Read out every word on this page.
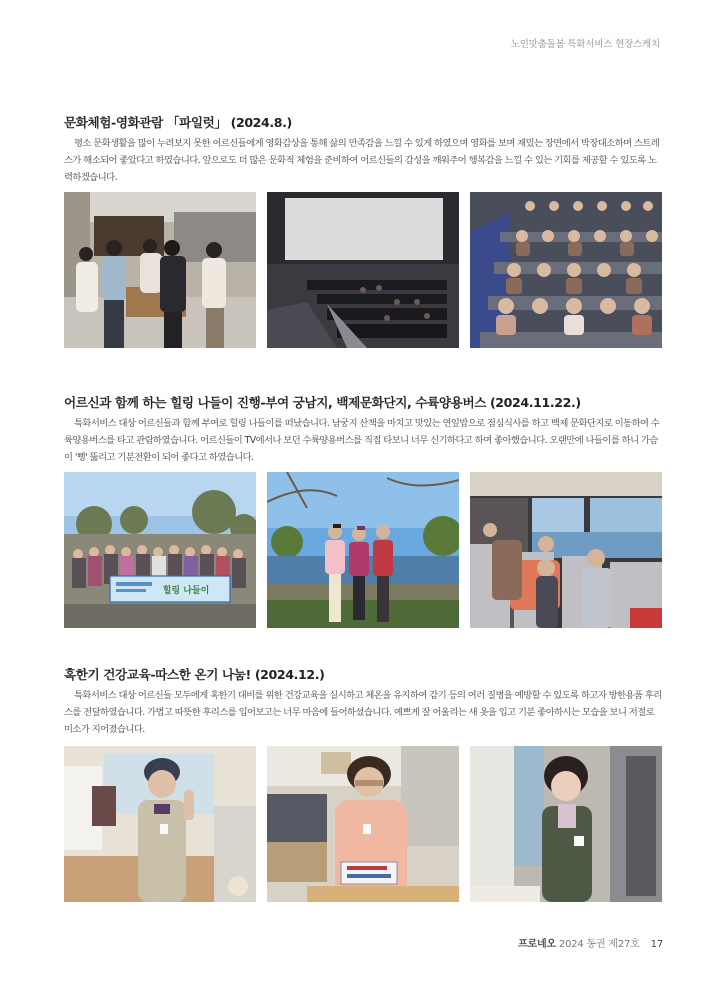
노인맞춤돌봄 특화서비스 현장스케치
문화체험-영화관람 「파일럿」 (2024.8.)

평소 문화생활을 많이 누려보지 못한 어르신들에게 영화감상을 통해 삶의 만족감을 느낄 수 있게 하였으며 영화를 보며 재밌는 장면에서 박장대소하며 스트레스가 해소되어 좋았다고 하였습니다. 앞으로도 더 많은 문화적 체험을 준비하여 어르신들의 감성을 깨워주어 행복감을 느낄 수 있는 기회를 제공할 수 있도록 노력하겠습니다.

어르신과 함께 하는 힐링 나들이 진행-부여 궁남지, 백제문화단지, 수륙양용버스 (2024.11.22.)

특화서비스 대상 어르신들과 함께 부여로 힐링 나들이를 떠났습니다. 남궁지 산책을 마치고 맛있는 연잎밥으로 점심식사를 하고 백제 문화단지로 이동하여 수륙양용버스를 타고 관람하였습니다. 어르신들이 TV에서나 보던 수륙양용버스를 직접 타보니 너무 신기하다고 하며 좋아했습니다. 오랜만에 나들이를 하니 가슴이 '뻥' 뚫리고 기분전환이 되어 좋다고 하였습니다.

힐링 나들이
혹한기 건강교육-따스한 온기 나눔! (2024.12.)

특화서비스 대상 어르신들 모두에게 혹한기 대비를 위한 건강교육을 실시하고 체온을 유지하여 감기 등의 여러 질병을 예방할 수 있도록 하고자 방한용품 후리스를 전달하였습니다. 가볍고 따뜻한 후리스를 입어보고는 너무 마음에 들어하셨습니다. 예쁘게 잘 어울리는 새 옷을 입고 기분 좋아하시는 모습을 보니 저절로 미소가 지어졌습니다.

프로네오 2024 동권 제27호 17
